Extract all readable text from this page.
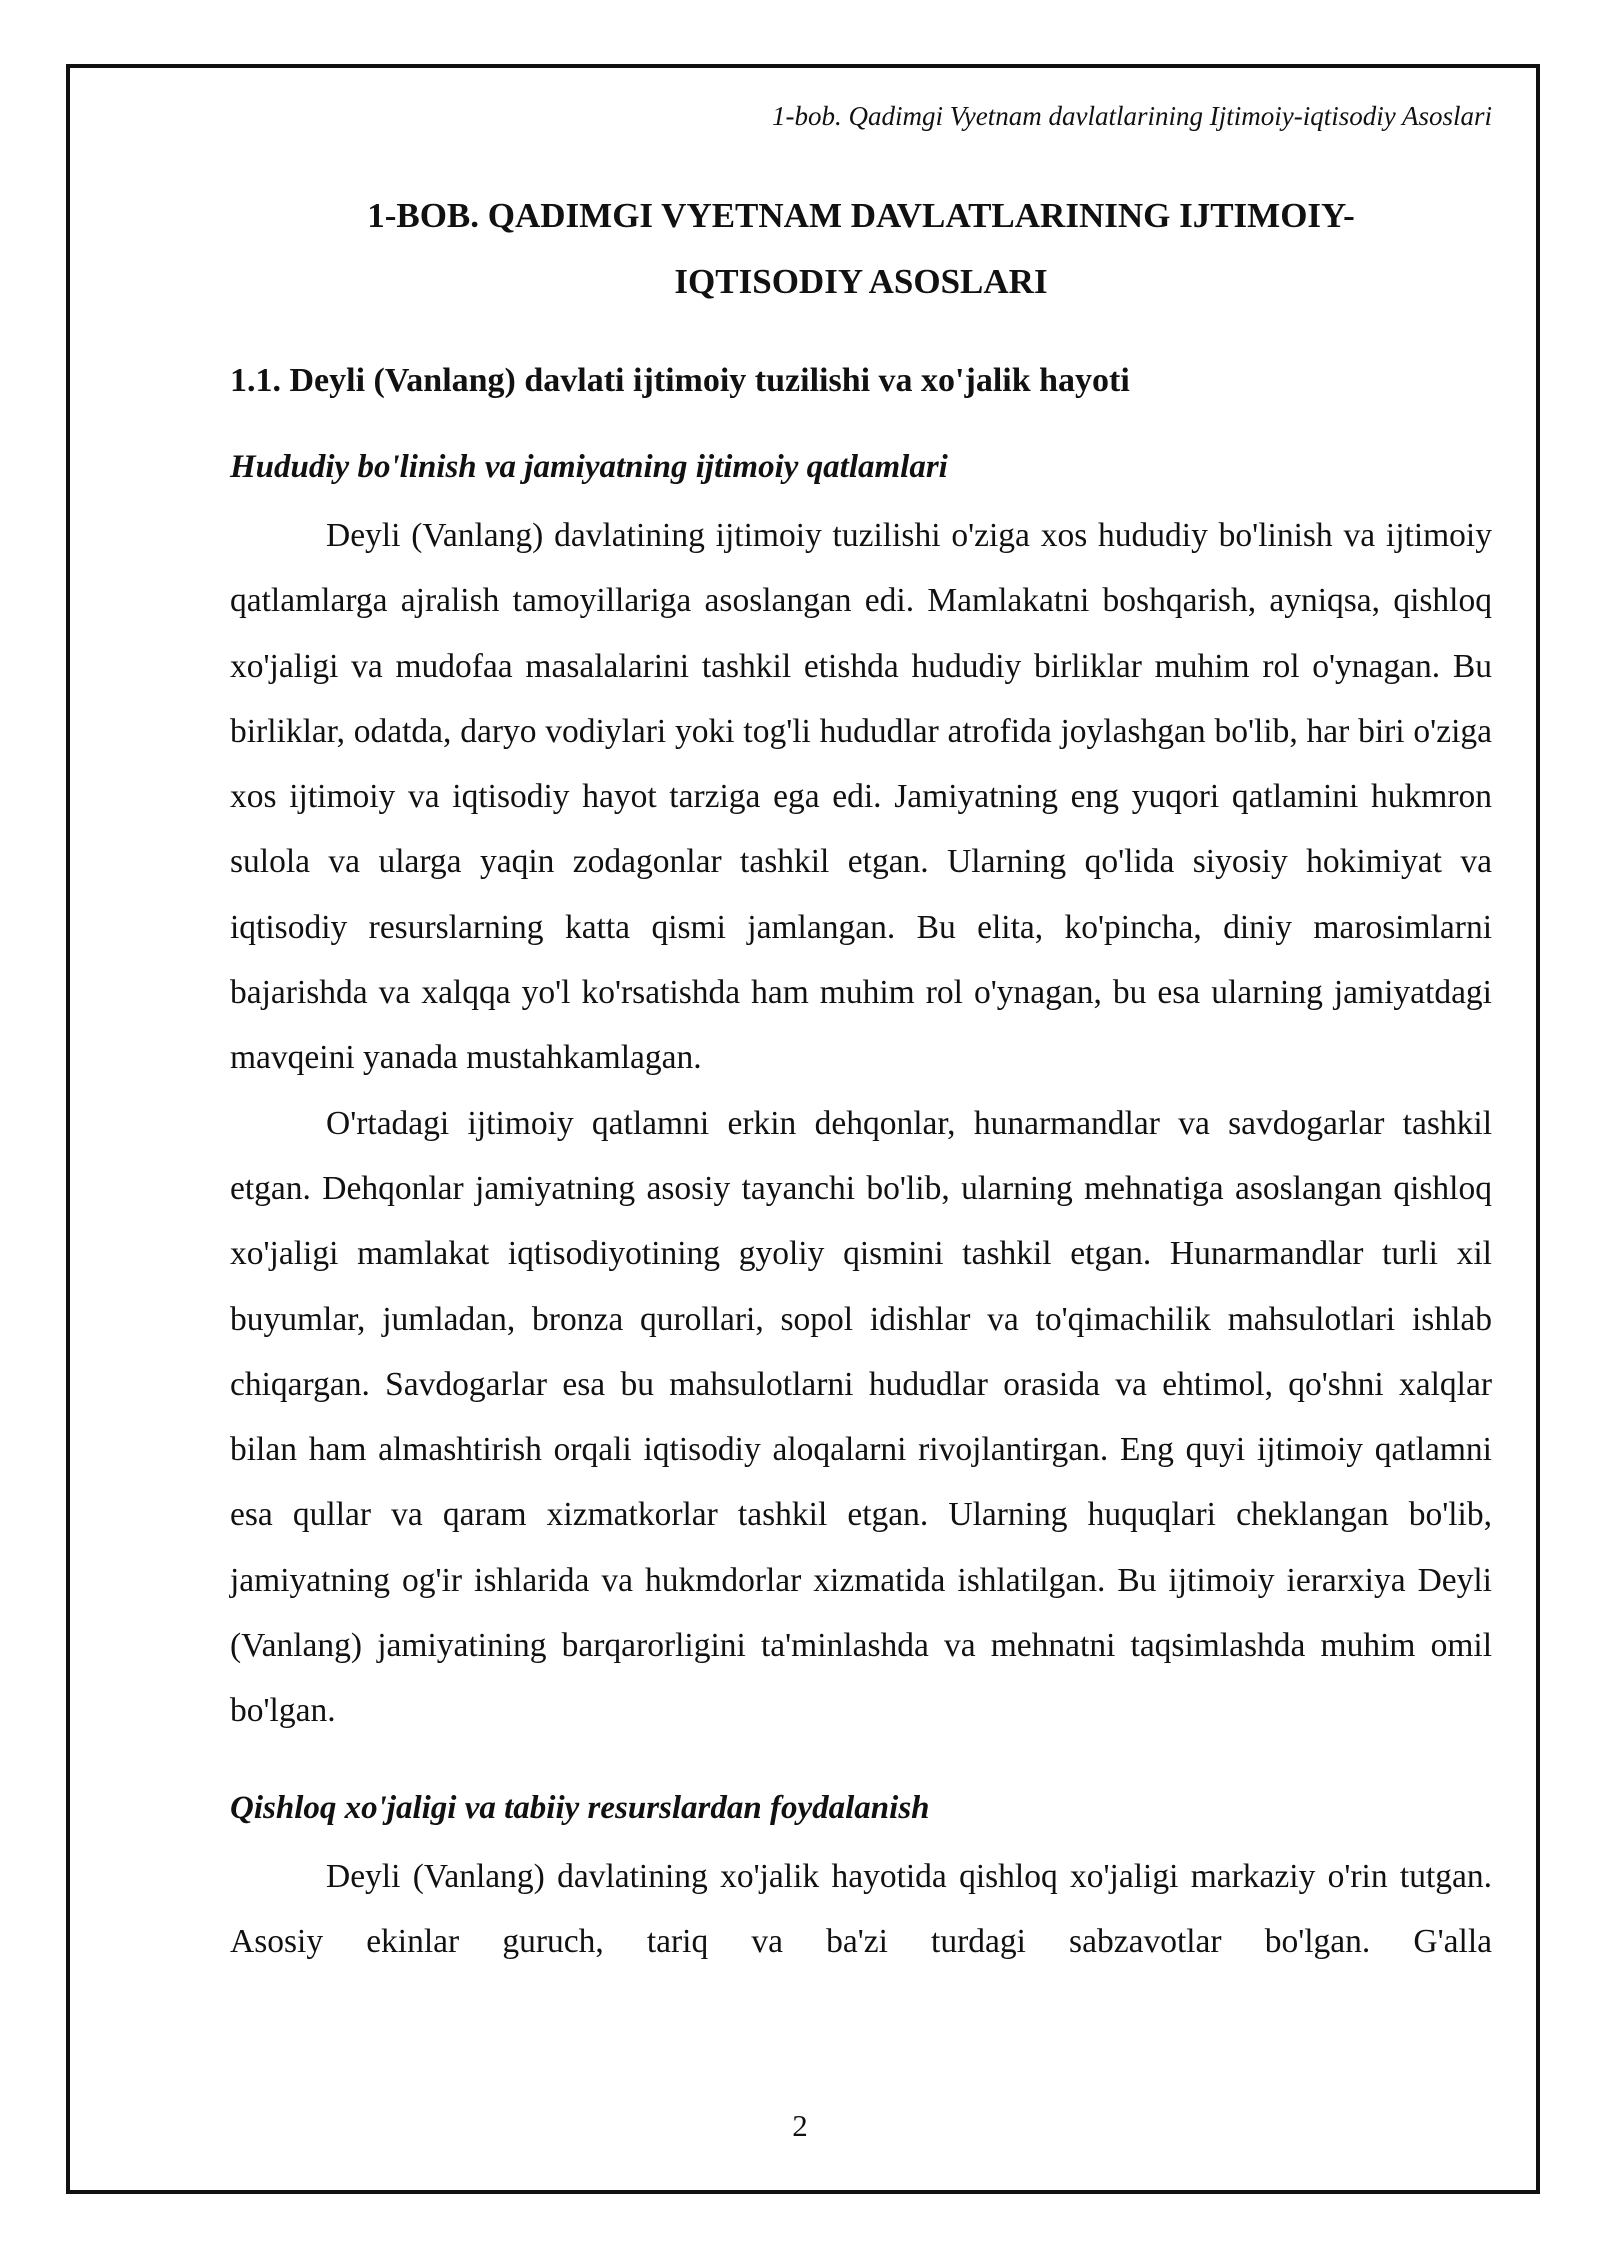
1-bob. Qadimgi Vyetnam davlatlarining Ijtimoiy-iqtisodiy Asoslari
1-BOB. QADIMGI VYETNAM DAVLATLARINING IJTIMOIY-
IQTISODIY ASOSLARI
1.1. Deyli (Vanlang) davlati ijtimoiy tuzilishi va xo'jalik hayoti
Hududiy bo'linish va jamiyatning ijtimoiy qatlamlari

Deyli (Vanlang) davlatining ijtimoiy tuzilishi o'ziga xos hududiy bo'linish va ijtimoiy qatlamlarga ajralish tamoyillariga asoslangan edi. Mamlakatni boshqarish, ayniqsa, qishloq xo'jaligi va mudofaa masalalarini tashkil etishda hududiy birliklar muhim rol o'ynagan. Bu birliklar, odatda, daryo vodiylari yoki tog'li hududlar atrofida joylashgan bo'lib, har biri o'ziga xos ijtimoiy va iqtisodiy hayot tarziga ega edi. Jamiyatning eng yuqori qatlamini hukmron sulola va ularga yaqin zodagonlar tashkil etgan. Ularning qo'lida siyosiy hokimiyat va iqtisodiy resurslarning katta qismi jamlangan. Bu elita, ko'pincha, diniy marosimlarni bajarishda va xalqqa yo'l ko'rsatishda ham muhim rol o'ynagan, bu esa ularning jamiyatdagi mavqeini yanada mustahkamlagan.

O'rtadagi ijtimoiy qatlamni erkin dehqonlar, hunarmandlar va savdogarlar tashkil etgan. Dehqonlar jamiyatning asosiy tayanchi bo'lib, ularning mehnatiga asoslangan qishloq xo'jaligi mamlakat iqtisodiyotining gyoliy qismini tashkil etgan. Hunarmandlar turli xil buyumlar, jumladan, bronza qurollari, sopol idishlar va to'qimachilik mahsulotlari ishlab chiqargan. Savdogarlar esa bu mahsulotlarni hududlar orasida va ehtimol, qo'shni xalqlar bilan ham almashtirish orqali iqtisodiy aloqalarni rivojlantirgan. Eng quyi ijtimoiy qatlamni esa qullar va qaram xizmatkorlar tashkil etgan. Ularning huquqlari cheklangan bo'lib, jamiyatning og'ir ishlarida va hukmdorlar xizmatida ishlatilgan. Bu ijtimoiy ierarxiya Deyli (Vanlang) jamiyatining barqarorligini ta'minlashda va mehnatni taqsimlashda muhim omil bo'lgan.

Qishloq xo'jaligi va tabiiy resurslardan foydalanish

Deyli (Vanlang) davlatining xo'jalik hayotida qishloq xo'jaligi markaziy o'rin tutgan. Asosiy ekinlar guruch, tariq va ba'zi turdagi sabzavotlar bo'lgan. G'alla

2
